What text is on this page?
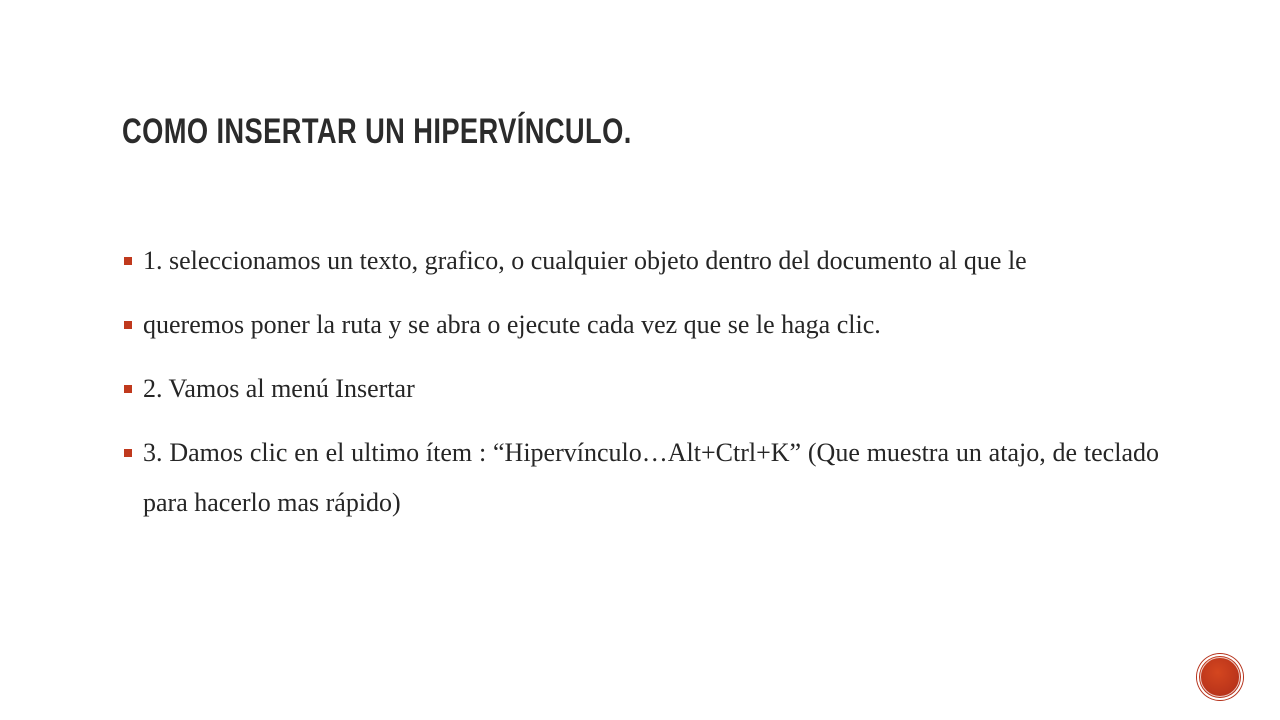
COMO INSERTAR UN HIPERVÍNCULO.
1. seleccionamos un texto, grafico, o cualquier objeto dentro del documento al que le
queremos poner la ruta y se abra o ejecute cada vez que se le haga clic.
2. Vamos al menú Insertar
3. Damos clic en el ultimo ítem : “Hipervínculo…Alt+Ctrl+K” (Que muestra un atajo, de teclado para hacerlo mas rápido)
